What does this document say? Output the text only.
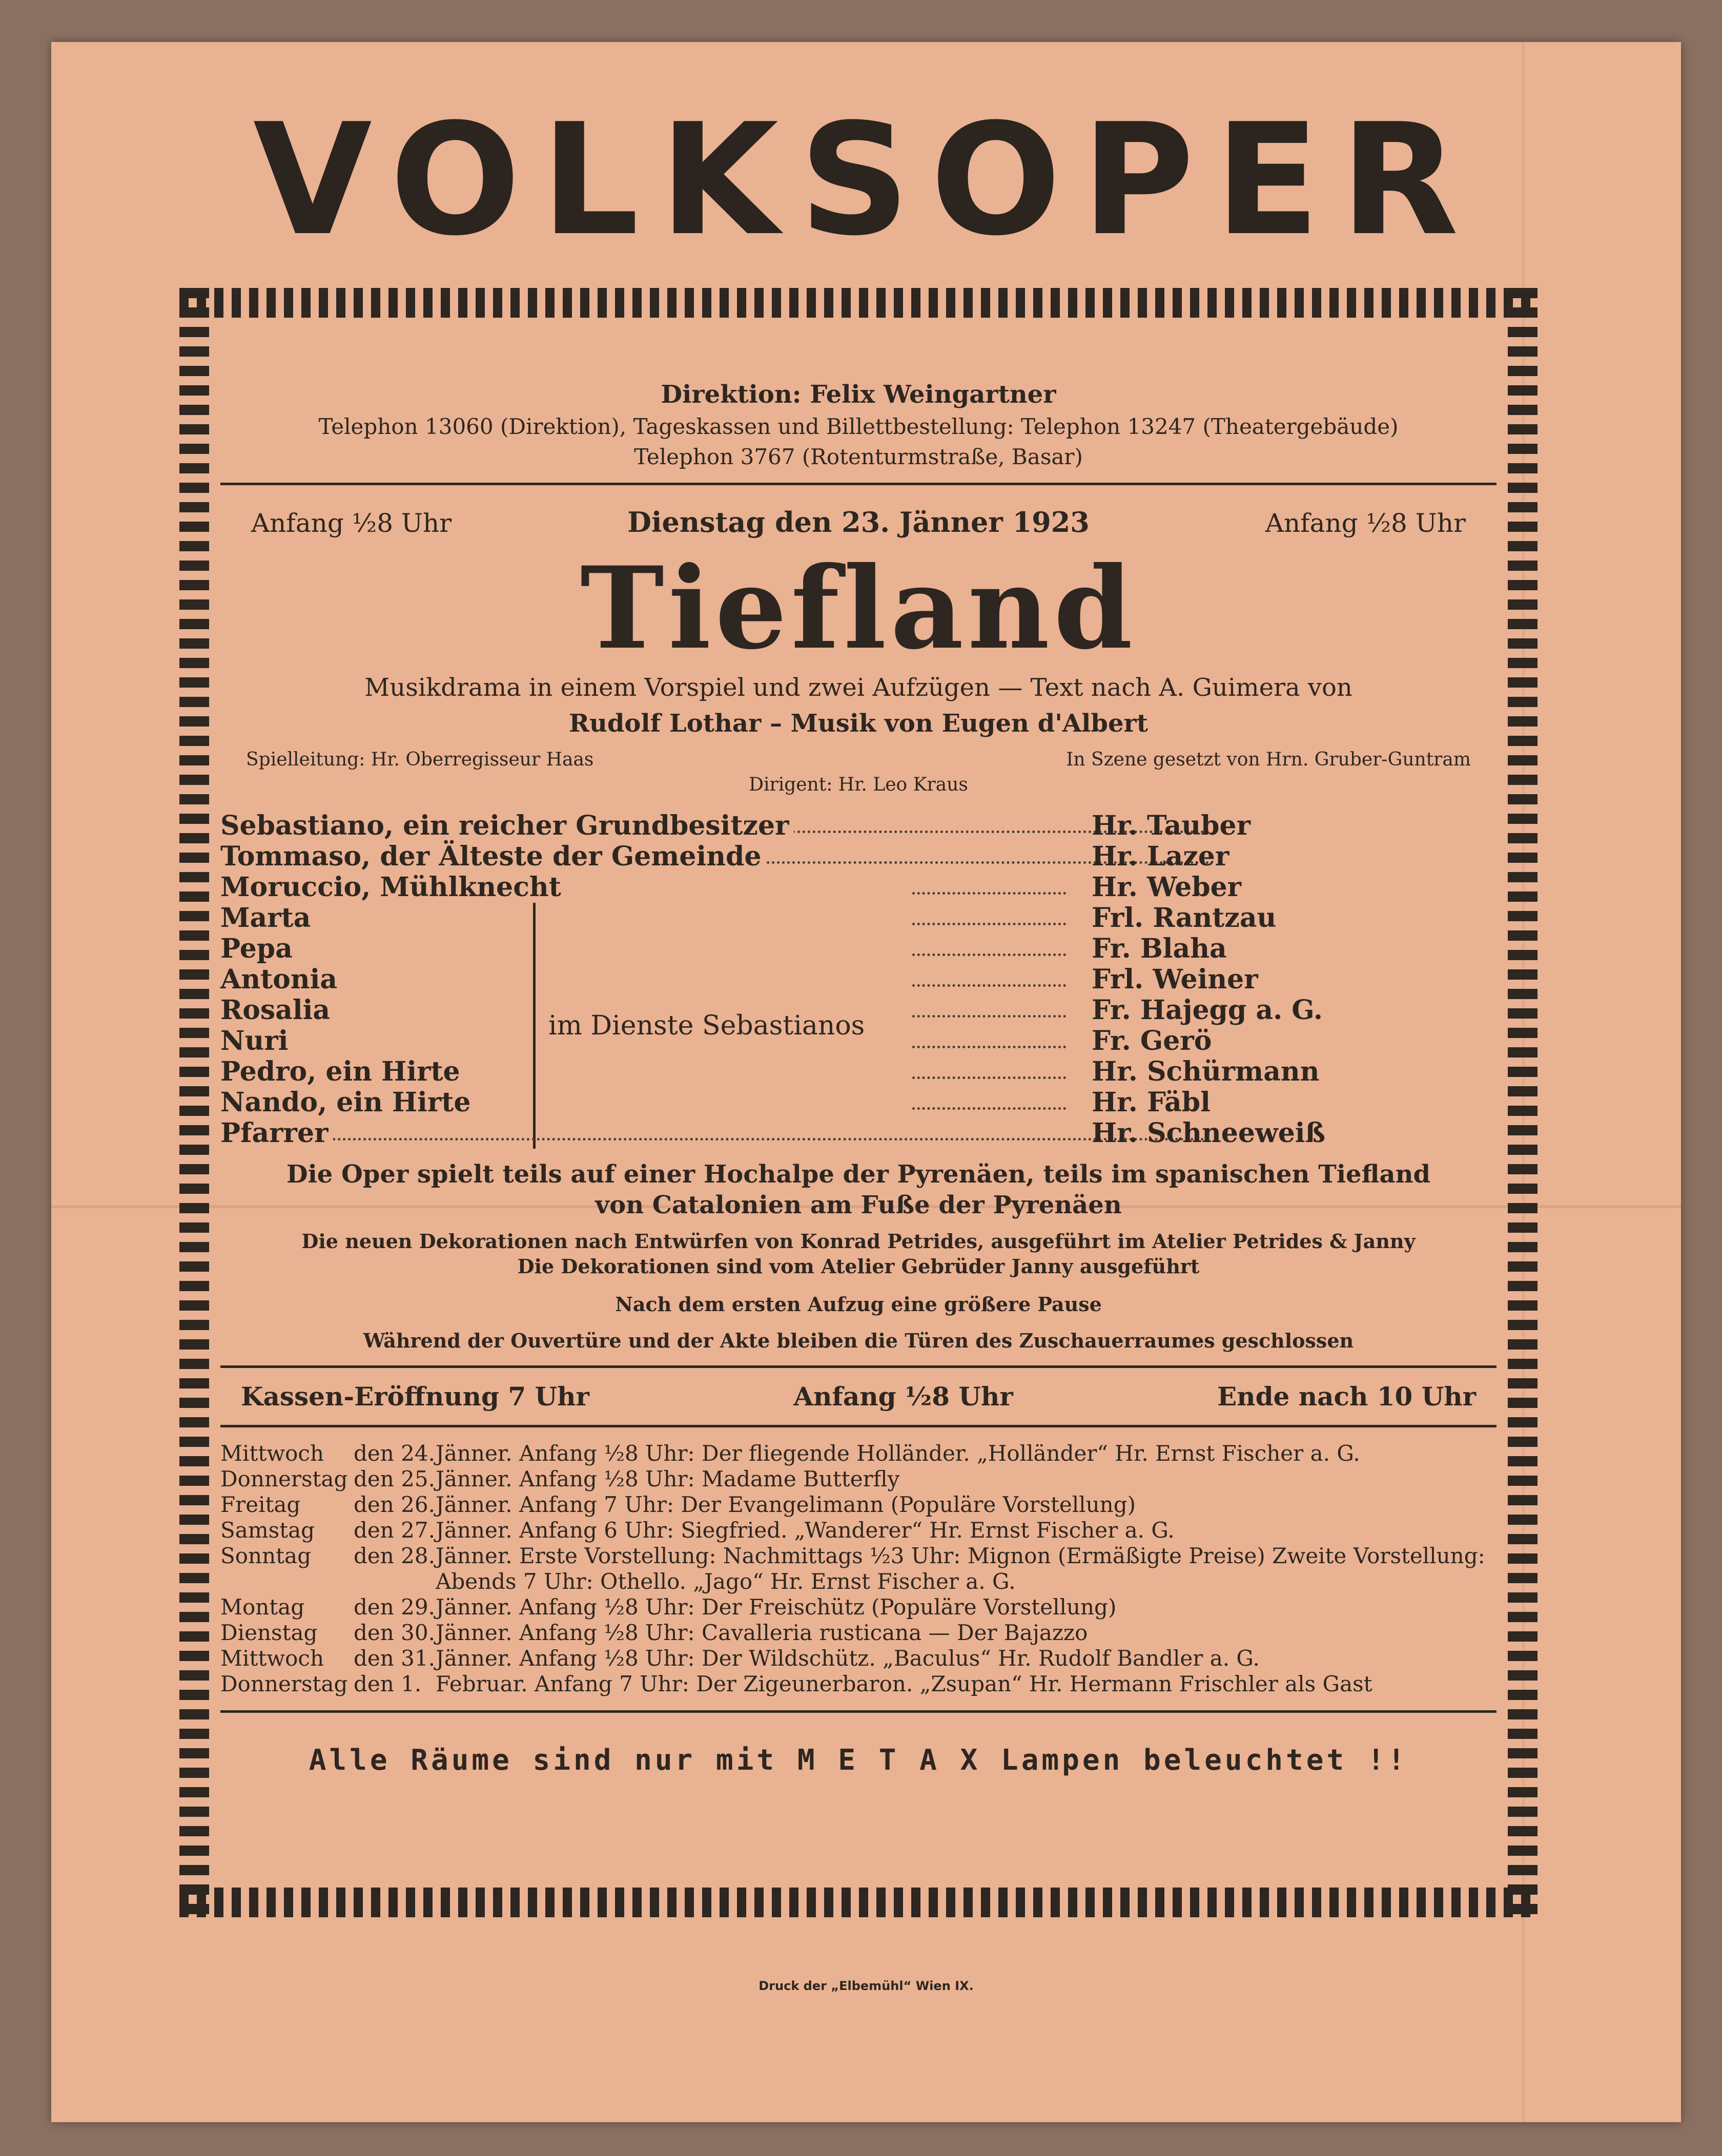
VOLKSOPER
Direktion: Felix Weingartner
Telephon 13060 (Direktion), Tageskassen und Billettbestellung: Telephon 13247 (Theatergebäude)
Telephon 3767 (Rotenturmstraße, Basar)
Anfang ½8 Uhr	Dienstag den 23. Jänner 1923	Anfang ½8 Uhr
Tiefland
Musikdrama in einem Vorspiel und zwei Aufzügen — Text nach A. Guimera von
Rudolf Lothar – Musik von Eugen d'Albert
Spielleitung: Hr. Oberregisseur Haas	In Szene gesetzt von Hrn. Gruber-Guntram
Dirigent: Hr. Leo Kraus
im Dienste Sebastianos
Sebastiano, ein reicher Grundbesitzer	Hr. Tauber
Tommaso, der Älteste der Gemeinde	Hr. Lazer
Moruccio, Mühlknecht	Hr. Weber
Marta	Frl. Rantzau
Pepa	Fr. Blaha
Antonia	Frl. Weiner
Rosalia	Fr. Hajegg a. G.
Nuri	Fr. Gerö
Pedro, ein Hirte	Hr. Schürmann
Nando, ein Hirte	Hr. Fäbl
Pfarrer	Hr. Schneeweiß
Die Oper spielt teils auf einer Hochalpe der Pyrenäen, teils im spanischen Tiefland
von Catalonien am Fuße der Pyrenäen
Die neuen Dekorationen nach Entwürfen von Konrad Petrides, ausgeführt im Atelier Petrides & Janny
Die Dekorationen sind vom Atelier Gebrüder Janny ausgeführt
Nach dem ersten Aufzug eine größere Pause
Während der Ouvertüre und der Akte bleiben die Türen des Zuschauerraumes geschlossen
Kassen-Eröffnung 7 Uhr	Anfang ½8 Uhr	Ende nach 10 Uhr
Mittwoch	den 24. Jänner. Anfang ½8 Uhr: Der fliegende Holländer. „Holländer“ Hr. Ernst Fischer a. G.
Donnerstag den 25. Jänner. Anfang ½8 Uhr: Madame Butterfly
Freitag	den 26. Jänner. Anfang 7 Uhr: Der Evangelimann (Populäre Vorstellung)
Samstag	den 27. Jänner. Anfang 6 Uhr: Siegfried. „Wanderer“ Hr. Ernst Fischer a. G.
Sonntag	den 28. Jänner. Erste Vorstellung: Nachmittags ½3 Uhr: Mignon (Ermäßigte Preise) Zweite Vorstellung: Abends 7 Uhr: Othello. „Jago“ Hr. Ernst Fischer a. G.
Montag	den 29. Jänner. Anfang ½8 Uhr: Der Freischütz (Populäre Vorstellung)
Dienstag	den 30. Jänner. Anfang ½8 Uhr: Cavalleria rusticana — Der Bajazzo
Mittwoch	den 31. Jänner. Anfang ½8 Uhr: Der Wildschütz. „Baculus“ Hr. Rudolf Bandler a. G.
Donnerstag den 1. Februar. Anfang 7 Uhr: Der Zigeunerbaron. „Zsupan“ Hr. Hermann Frischler als Gast
Alle Räume sind nur mit M E T A X Lampen beleuchtet !!
Druck der „Elbemühl“ Wien IX.
